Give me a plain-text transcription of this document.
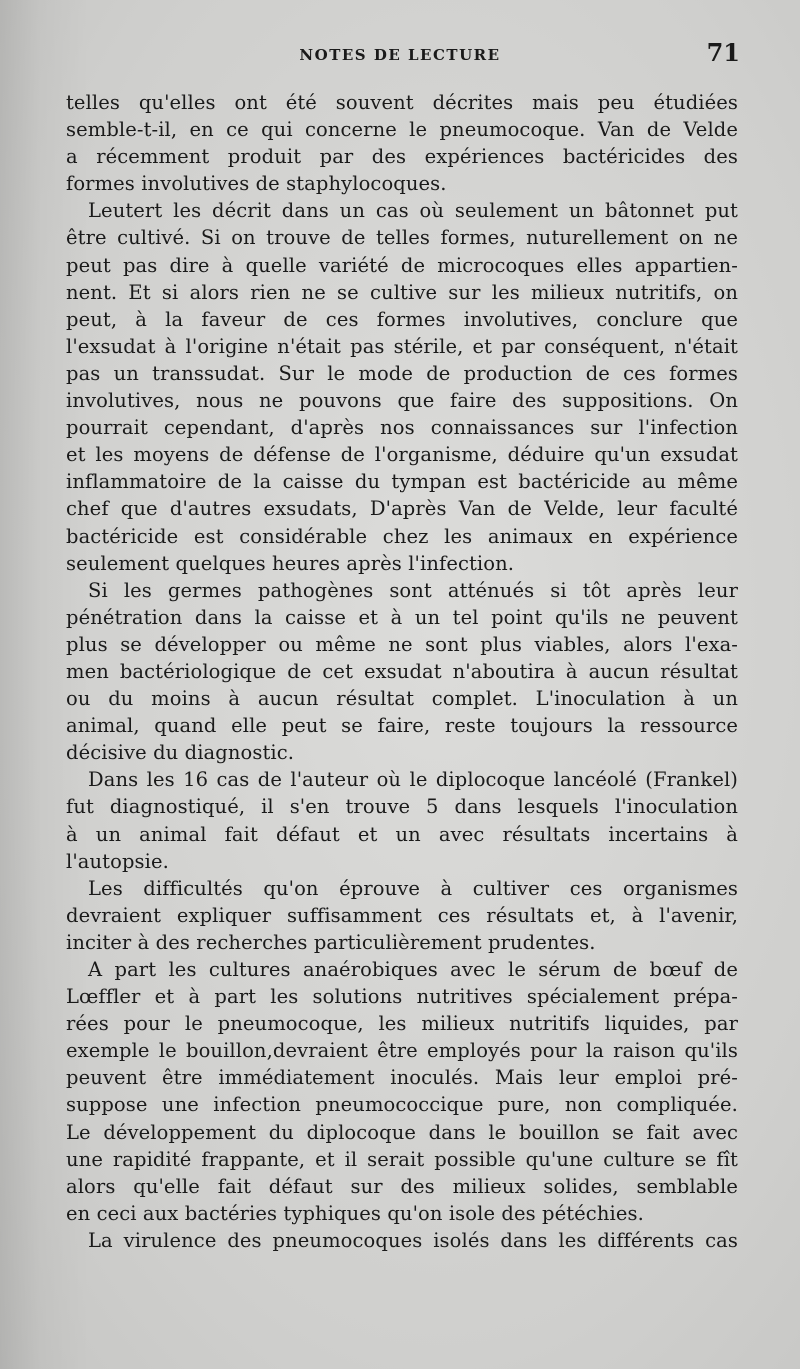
NOTES DE LECTURE	71
telles qu'elles ont été souvent décrites mais peu étudiées
semble-t-il, en ce qui concerne le pneumocoque. Van de Velde
a récemment produit par des expériences bactéricides des
formes involutives de staphylocoques.
Leutert les décrit dans un cas où seulement un bâtonnet put
être cultivé. Si on trouve de telles formes, nuturellement on ne
peut pas dire à quelle variété de microcoques elles appartien-
nent. Et si alors rien ne se cultive sur les milieux nutritifs, on
peut, à la faveur de ces formes involutives, conclure que
l'exsudat à l'origine n'était pas stérile, et par conséquent, n'était
pas un transsudat. Sur le mode de production de ces formes
involutives, nous ne pouvons que faire des suppositions. On
pourrait cependant, d'après nos connaissances sur l'infection
et les moyens de défense de l'organisme, déduire qu'un exsudat
inflammatoire de la caisse du tympan est bactéricide au même
chef que d'autres exsudats, D'après Van de Velde, leur faculté
bactéricide est considérable chez les animaux en expérience
seulement quelques heures après l'infection.
Si les germes pathogènes sont atténués si tôt après leur
pénétration dans la caisse et à un tel point qu'ils ne peuvent
plus se développer ou même ne sont plus viables, alors l'exa-
men bactériologique de cet exsudat n'aboutira à aucun résultat
ou du moins à aucun résultat complet. L'inoculation à un
animal, quand elle peut se faire, reste toujours la ressource
décisive du diagnostic.
Dans les 16 cas de l'auteur où le diplocoque lancéolé (Frankel)
fut diagnostiqué, il s'en trouve 5 dans lesquels l'inoculation
à un animal fait défaut et un avec résultats incertains à
l'autopsie.
Les difficultés qu'on éprouve à cultiver ces organismes
devraient expliquer suffisamment ces résultats et, à l'avenir,
inciter à des recherches particulièrement prudentes.
A part les cultures anaérobiques avec le sérum de bœuf de
Lœffler et à part les solutions nutritives spécialement prépa-
rées pour le pneumocoque, les milieux nutritifs liquides, par
exemple le bouillon,devraient être employés pour la raison qu'ils
peuvent être immédiatement inoculés. Mais leur emploi pré-
suppose une infection pneumococcique pure, non compliquée.
Le développement du diplocoque dans le bouillon se fait avec
une rapidité frappante, et il serait possible qu'une culture se fît
alors qu'elle fait défaut sur des milieux solides, semblable
en ceci aux bactéries typhiques qu'on isole des pétéchies.
La virulence des pneumocoques isolés dans les différents cas
